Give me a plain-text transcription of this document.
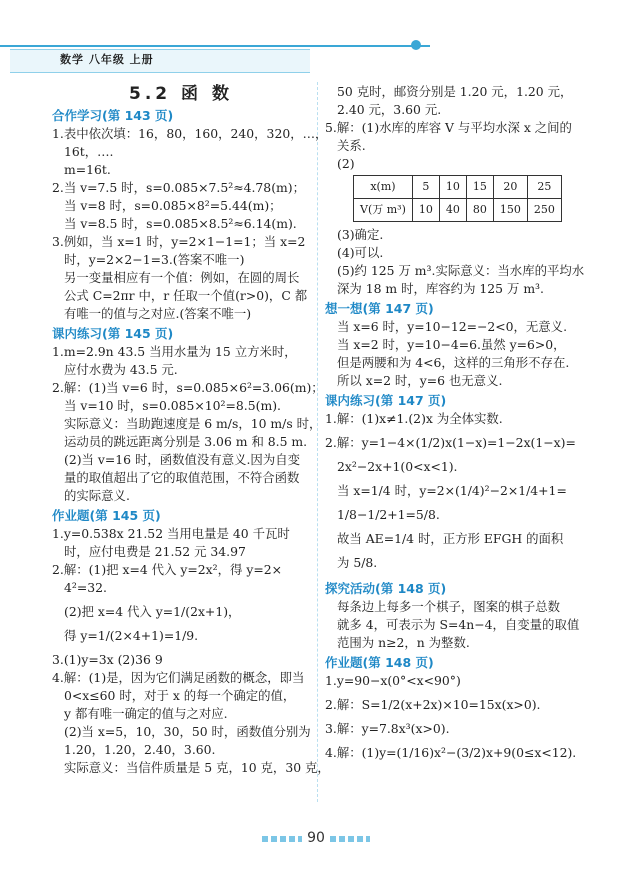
数学 八年级 上册
5.2 函 数
合作学习(第 143 页)
1.表中依次填：16，80，160，240，320，…，
16t，….
m=16t.
2.当 v=7.5 时，s=0.085×7.5²≈4.78(m)；
当 v=8 时，s=0.085×8²=5.44(m)；
当 v=8.5 时，s=0.085×8.5²≈6.14(m).
3.例如，当 x=1 时，y=2×1−1=1；当 x=2
时，y=2×2−1=3.(答案不唯一)
另一变量相应有一个值：例如，在圆的周长
公式 C=2πr 中，r 任取一个值(r>0)，C 都
有唯一的值与之对应.(答案不唯一)
课内练习(第 145 页)
1.m=2.9n 43.5 当用水量为 15 立方米时，
应付水费为 43.5 元.
2.解：(1)当 v=6 时，s=0.085×6²=3.06(m)；
当 v=10 时，s=0.085×10²=8.5(m).
实际意义：当助跑速度是 6 m/s，10 m/s 时，
运动员的跳远距离分别是 3.06 m 和 8.5 m.
(2)当 v=16 时，函数值没有意义.因为自变
量的取值超出了它的取值范围，不符合函数
的实际意义.
作业题(第 145 页)
1.y=0.538x 21.52 当用电量是 40 千瓦时
时，应付电费是 21.52 元 34.97
2.解：(1)把 x=4 代入 y=2x²，得 y=2×
4²=32.
(2)把 x=4 代入 y=1/(2x+1)，
得 y=1/(2×4+1)=1/9.
3.(1)y=3x (2)36 9
4.解：(1)是，因为它们满足函数的概念，即当
0<x≤60 时，对于 x 的每一个确定的值，
y 都有唯一确定的值与之对应.
(2)当 x=5，10，30，50 时，函数值分别为
1.20，1.20，2.40，3.60.
实际意义：当信件质量是 5 克，10 克，30 克，
50 克时，邮资分别是 1.20 元，1.20 元，
2.40 元，3.60 元.
5.解：(1)水库的库容 V 与平均水深 x 之间的
关系.
(2)
x(m)	5	10	15	20	25
V(万 m³)	10	40	80	150	250
(3)确定.
(4)可以.
(5)约 125 万 m³.实际意义：当水库的平均水
深为 18 m 时，库容约为 125 万 m³.
想一想(第 147 页)
当 x=6 时，y=10−12=−2<0，无意义.
当 x=2 时，y=10−4=6.虽然 y=6>0，
但是两腰和为 4<6，这样的三角形不存在.
所以 x=2 时，y=6 也无意义.
课内练习(第 147 页)
1.解：(1)x≠1.(2)x 为全体实数.
2.解：y=1−4×(1/2)x(1−x)=1−2x(1−x)=
2x²−2x+1(0<x<1).
当 x=1/4 时，y=2×(1/4)²−2×1/4+1=
1/8−1/2+1=5/8.
故当 AE=1/4 时，正方形 EFGH 的面积
为 5/8.
探究活动(第 148 页)
每条边上每多一个棋子，图案的棋子总数
就多 4，可表示为 S=4n−4，自变量的取值
范围为 n≥2，n 为整数.
作业题(第 148 页)
1.y=90−x(0°<x<90°)
2.解：S=1/2(x+2x)×10=15x(x>0).
3.解：y=7.8x³(x>0).
4.解：(1)y=(1/16)x²−(3/2)x+9(0≤x<12).
90
